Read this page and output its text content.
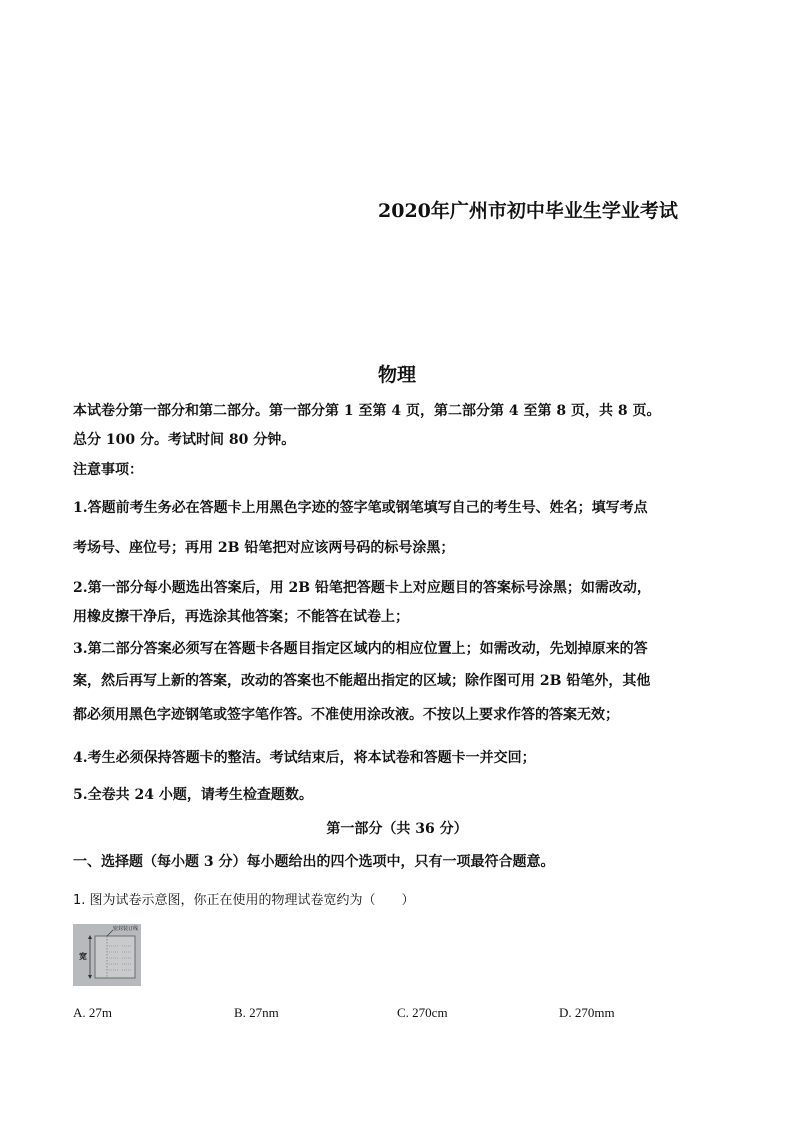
2020年广州市初中毕业生学业考试
物理
本试卷分第一部分和第二部分。第一部分第 1 至第 4 页，第二部分第 4 至第 8 页，共 8 页。
总分 100 分。考试时间 80 分钟。
注意事项：
1.答题前考生务必在答题卡上用黑色字迹的签字笔或钢笔填写自己的考生号、姓名；填写考点
考场号、座位号；再用 2B 铅笔把对应该两号码的标号涂黑；
2.第一部分每小题选出答案后，用 2B 铅笔把答题卡上对应题目的答案标号涂黑；如需改动，
用橡皮擦干净后，再选涂其他答案；不能答在试卷上；
3.第二部分答案必须写在答题卡各题目指定区域内的相应位置上；如需改动，先划掉原来的答
案，然后再写上新的答案，改动的答案也不能超出指定的区域；除作图可用 2B 铅笔外，其他
都必须用黑色字迹钢笔或签字笔作答。不准使用涂改液。不按以上要求作答的答案无效；
4.考生必须保持答题卡的整洁。考试结束后，将本试卷和答题卡一并交回；
5.全卷共 24 小题，请考生检查题数。
第一部分（共 36 分）
一、选择题（每小题 3 分）每小题给出的四个选项中，只有一项最符合题意。
1. 图为试卷示意图，你正在使用的物理试卷宽约为（　　）
宽
密封装订线
A. 27m	B. 27nm	C. 270cm	D. 270mm
